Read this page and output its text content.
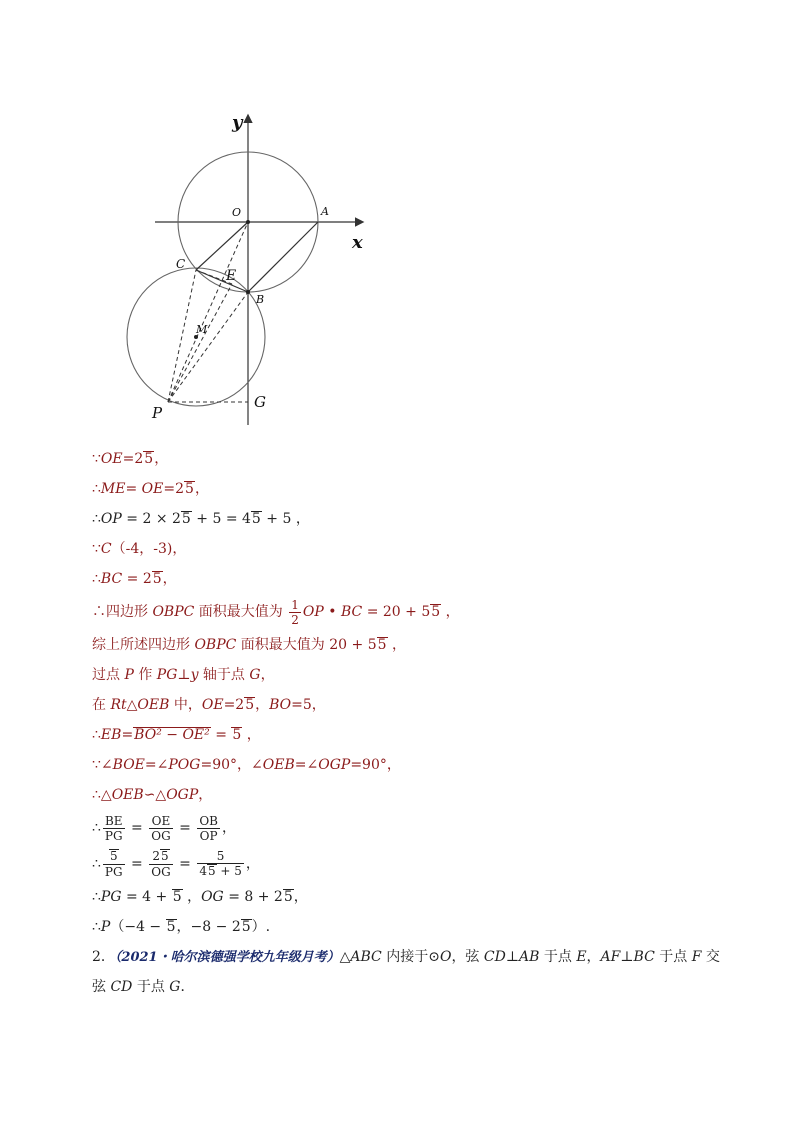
y
x
O	A
C
E
B
M
P
G
∵OE=25，
∴ME= OE=25，
∴OP = 2 × 25 + 5 = 45 + 5 ，
∵C（-4，-3)，
∴BC = 25，
∴四边形 OBPC 面积最大值为 $\frac{1}{2}$ OP • BC = 20 + 55 ，
综上所述四边形 OBPC 面积最大值为 20 + 55 ，
过点 P 作 PG⊥y 轴于点 G，
在 Rt△OEB 中，OE=25，BO=5，
∴EB=BO² − OE² = 5 ，
∵∠BOE=∠POG=90°，∠OEB=∠OGP=90°，
∴△OEB∽△OGP，
∴ $\frac{BE}{PG} = \frac{OE}{OG} = \frac{OB}{OP}$ ，
∴ $\frac{5}{PG} = \frac{25}{OG} = \frac{5}{45 + 5}$ ，
∴PG = 4 + 5 ，OG = 8 + 25，
∴P（−4 − 5，−8 − 25）.
2．（2021・哈尔滨德强学校九年级月考）△ABC 内接于⊙O，弦 CD⊥AB 于点 E，AF⊥BC 于点 F 交
弦 CD 于点 G．
